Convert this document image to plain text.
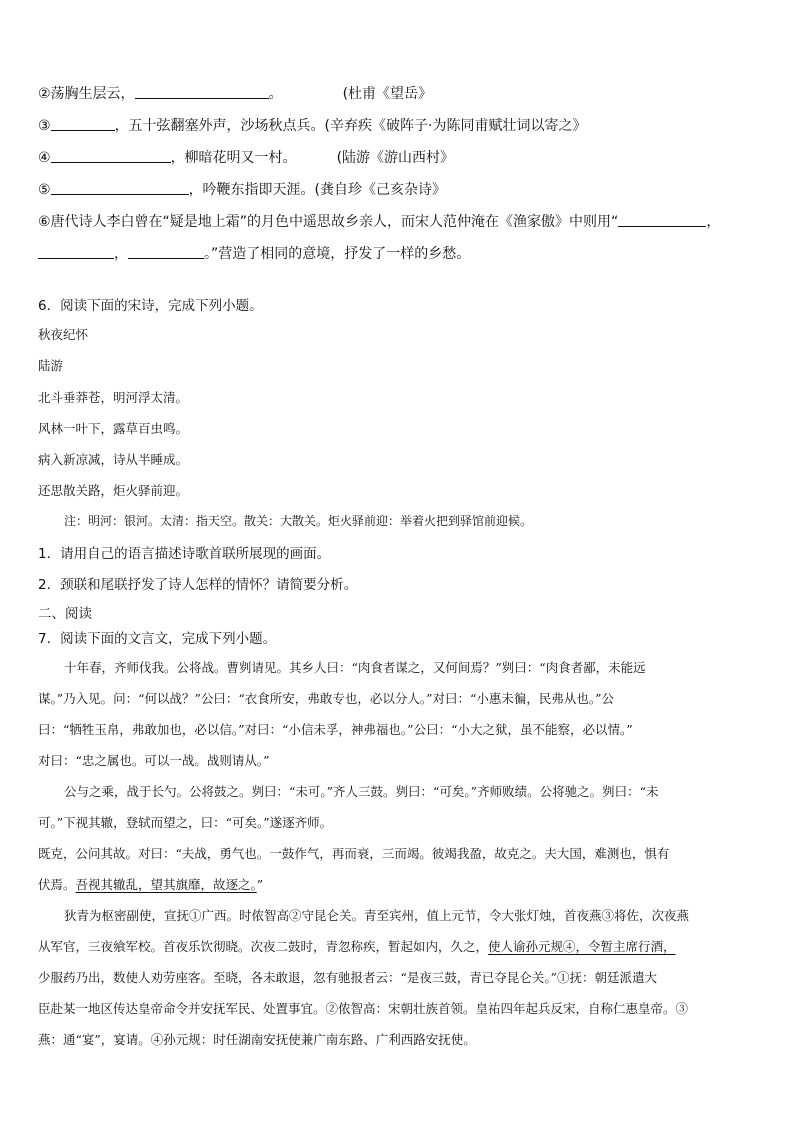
②荡胸生层云，	。	(杜甫《望岳》
③	，五十弦翻塞外声，沙场秋点兵。(辛弃疾《破阵子·为陈同甫赋壮词以寄之》
④	，柳暗花明又一村。	(陆游《游山西村》
⑤	，吟鞭东指即天涯。(龚自珍《己亥杂诗》
⑥唐代诗人李白曾在“疑是地上霜”的月色中遥思故乡亲人，而宋人范仲淹在《渔家傲》中则用“	，
，	。”营造了相同的意境，抒发了一样的乡愁。
6．阅读下面的宋诗，完成下列小题。
秋夜纪怀
陆游
北斗垂莽苍，明河浮太清。
风林一叶下，露草百虫鸣。
病入新凉减，诗从半睡成。
还思散关路，炬火驿前迎。
注：明河：银河。太清：指天空。散关：大散关。炬火驿前迎：举着火把到驿馆前迎候。
1．请用自己的语言描述诗歌首联所展现的画面。
2．颈联和尾联抒发了诗人怎样的情怀？请简要分析。
二、阅读
7．阅读下面的文言文，完成下列小题。
十年春，齐师伐我。公将战。曹刿请见。其乡人曰：“肉食者谋之，又何间焉？”刿曰：“肉食者鄙，未能远
谋。”乃入见。问：“何以战？”公曰：“衣食所安，弗敢专也，必以分人。”对曰：“小惠未徧，民弗从也。”公
曰：“牺牲玉帛，弗敢加也，必以信。”对曰：“小信未孚，神弗福也。”公曰：“小大之狱，虽不能察，必以情。”
对曰：“忠之属也。可以一战。战则请从。”
公与之乘，战于长勺。公将鼓之。刿曰：“未可。”齐人三鼓。刿曰：“可矣。”齐师败绩。公将驰之。刿曰：“未
可。”下视其辙，登轼而望之，曰：“可矣。”遂逐齐师。
既克，公问其故。对曰：“夫战，勇气也。一鼓作气，再而衰，三而竭。彼竭我盈，故克之。夫大国，难测也，惧有
伏焉。吾视其辙乱，望其旗靡，故逐之。”
狄青为枢密副使，宣抚①广西。时侬智高②守昆仑关。青至宾州，值上元节，令大张灯烛，首夜燕③将佐，次夜燕
从军官，三夜飨军校。首夜乐饮彻晓。次夜二鼓时，青忽称疾，暂起如内，久之，使人谕孙元规④，令暂主席行酒，
少服药乃出，数使人劝劳座客。至晓，各未敢退，忽有驰报者云：“是夜三鼓，青已夺昆仑关。”①抚：朝廷派遣大
臣赴某一地区传达皇帝命令并安抚军民、处置事宜。②侬智高：宋朝壮族首领。皇祐四年起兵反宋，自称仁惠皇帝。③
燕：通“宴”，宴请。④孙元规：时任湖南安抚使兼广南东路、广利西路安抚使。
